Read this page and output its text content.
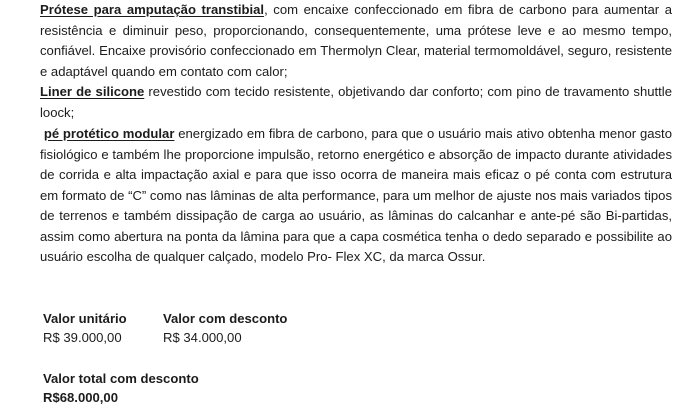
Prótese para amputação transtibial, com encaixe confeccionado em fibra de carbono para aumentar a resistência e diminuir peso, proporcionando, consequentemente, uma prótese leve e ao mesmo tempo, confiável. Encaixe provisório confeccionado em Thermolyn Clear, material termomoldável, seguro, resistente e adaptável quando em contato com calor;

Liner de silicone revestido com tecido resistente, objetivando dar conforto; com pino de travamento shuttle loock;

pé protético modular energizado em fibra de carbono, para que o usuário mais ativo obtenha menor gasto fisiológico e também lhe proporcione impulsão, retorno energético e absorção de impacto durante atividades de corrida e alta impactação axial e para que isso ocorra de maneira mais eficaz o pé conta com estrutura em formato de “C” como nas lâminas de alta performance, para um melhor de ajuste nos mais variados tipos de terrenos e também dissipação de carga ao usuário, as lâminas do calcanhar e ante-pé são Bi-partidas, assim como abertura na ponta da lâmina para que a capa cosmética tenha o dedo separado e possibilite ao usuário escolha de qualquer calçado, modelo Pro- Flex XC, da marca Ossur.

Valor unitário
R$ 39.000,00
Valor com desconto
R$ 34.000,00
Valor total com desconto
R$68.000,00
